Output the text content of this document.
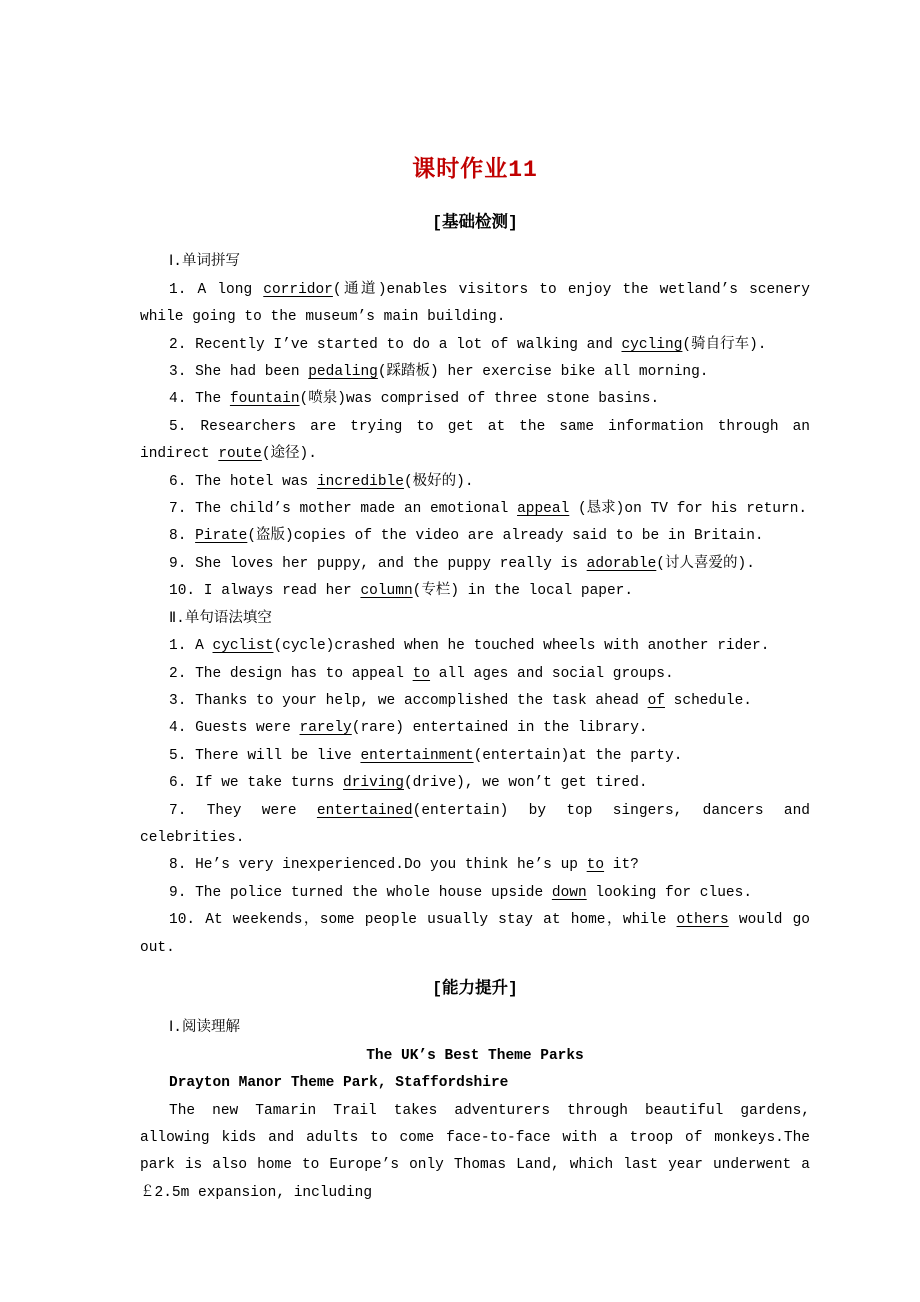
课时作业11
[基础检测]
Ⅰ.单词拼写
1. A long corridor(通道)enables visitors to enjoy the wetland’s scenery while going to the museum’s main building.
2. Recently I’ve started to do a lot of walking and cycling(骑自行车).
3. She had been pedaling(踩踏板) her exercise bike all morning.
4. The fountain(喷泉)was comprised of three stone basins.
5. Researchers are trying to get at the same information through an indirect route(途径).
6. The hotel was incredible(极好的).
7. The child’s mother made an emotional appeal (恳求)on TV for his return.
8. Pirate(盗版)copies of the video are already said to be in Britain.
9. She loves her puppy, and the puppy really is adorable(讨人喜爱的).
10. I always read her column(专栏) in the local paper.
Ⅱ.单句语法填空
1. A cyclist(cycle)crashed when he touched wheels with another rider.
2. The design has to appeal to all ages and social groups.
3. Thanks to your help, we accomplished the task ahead of schedule.
4. Guests were rarely(rare) entertained in the library.
5. There will be live entertainment(entertain)at the party.
6. If we take turns driving(drive), we won’t get tired.
7. They were entertained(entertain) by top singers, dancers and celebrities.
8. He’s very inexperienced.Do you think he’s up to it?
9. The police turned the whole house upside down looking for clues.
10. At weekends，some people usually stay at home，while others would go out.
[能力提升]
Ⅰ.阅读理解
The UK’s Best Theme Parks
Drayton Manor Theme Park, Staffordshire
The new Tamarin Trail takes adventurers through beautiful gardens, allowing kids and adults to come face-to-face with a troop of monkeys.The park is also home to Europe’s only Thomas Land, which last year underwent a ￡2.5m expansion, including
